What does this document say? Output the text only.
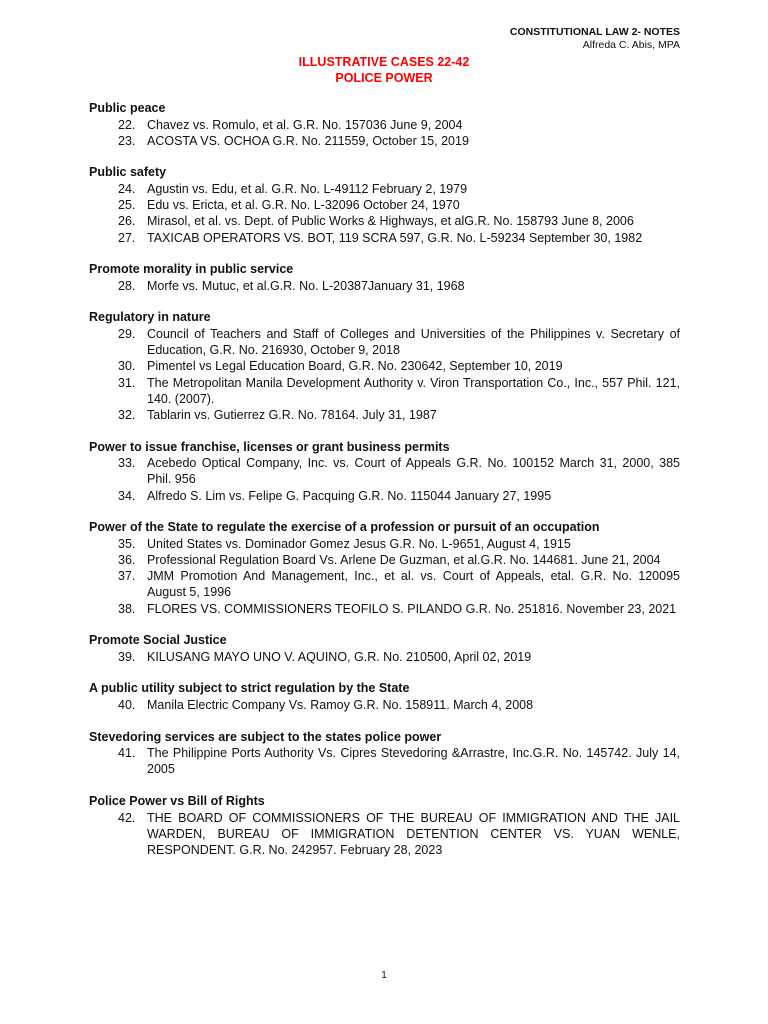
CONSTITUTIONAL LAW 2- NOTES
Alfreda C. Abis, MPA
ILLUSTRATIVE CASES 22-42
POLICE POWER
Public peace
22. Chavez vs. Romulo, et al. G.R. No. 157036 June 9, 2004
23. ACOSTA VS. OCHOA G.R. No. 211559, October 15, 2019
Public safety
24. Agustin vs. Edu, et al. G.R. No. L-49112 February 2, 1979
25. Edu vs. Ericta, et al. G.R. No. L-32096 October 24, 1970
26. Mirasol, et al. vs. Dept. of Public Works & Highways, et alG.R. No. 158793 June 8, 2006
27. TAXICAB OPERATORS VS. BOT, 119 SCRA 597, G.R. No. L-59234 September 30, 1982
Promote morality in public service
28. Morfe vs. Mutuc, et al.G.R. No. L-20387January 31, 1968
Regulatory in nature
29. Council of Teachers and Staff of Colleges and Universities of the Philippines v. Secretary of Education, G.R. No. 216930, October 9, 2018
30. Pimentel vs Legal Education Board, G.R. No. 230642, September 10, 2019
31. The Metropolitan Manila Development Authority v. Viron Transportation Co., Inc., 557 Phil. 121, 140. (2007).
32. Tablarin vs. Gutierrez G.R. No. 78164. July 31, 1987
Power to issue franchise, licenses or grant business permits
33. Acebedo Optical Company, Inc. vs. Court of Appeals G.R. No. 100152 March 31, 2000, 385 Phil. 956
34. Alfredo S. Lim vs. Felipe G. Pacquing G.R. No. 115044 January 27, 1995
Power of the State to regulate the exercise of a profession or pursuit of an occupation
35. United States vs. Dominador Gomez Jesus G.R. No. L-9651, August 4, 1915
36. Professional Regulation Board Vs. Arlene De Guzman, et al.G.R. No. 144681. June 21, 2004
37. JMM Promotion And Management, Inc., et al. vs. Court of Appeals, etal. G.R. No. 120095 August 5, 1996
38. FLORES VS. COMMISSIONERS TEOFILO S. PILANDO G.R. No. 251816. November 23, 2021
Promote Social Justice
39. KILUSANG MAYO UNO V. AQUINO, G.R. No. 210500, April 02, 2019
A public utility subject to strict regulation by the State
40. Manila Electric Company Vs. Ramoy G.R. No. 158911. March 4, 2008
Stevedoring services are subject to the states police power
41. The Philippine Ports Authority Vs. Cipres Stevedoring &Arrastre, Inc.G.R. No. 145742. July 14, 2005
Police Power vs Bill of Rights
42. THE BOARD OF COMMISSIONERS OF THE BUREAU OF IMMIGRATION AND THE JAIL WARDEN, BUREAU OF IMMIGRATION DETENTION CENTER VS. YUAN WENLE, RESPONDENT. G.R. No. 242957. February 28, 2023
1
